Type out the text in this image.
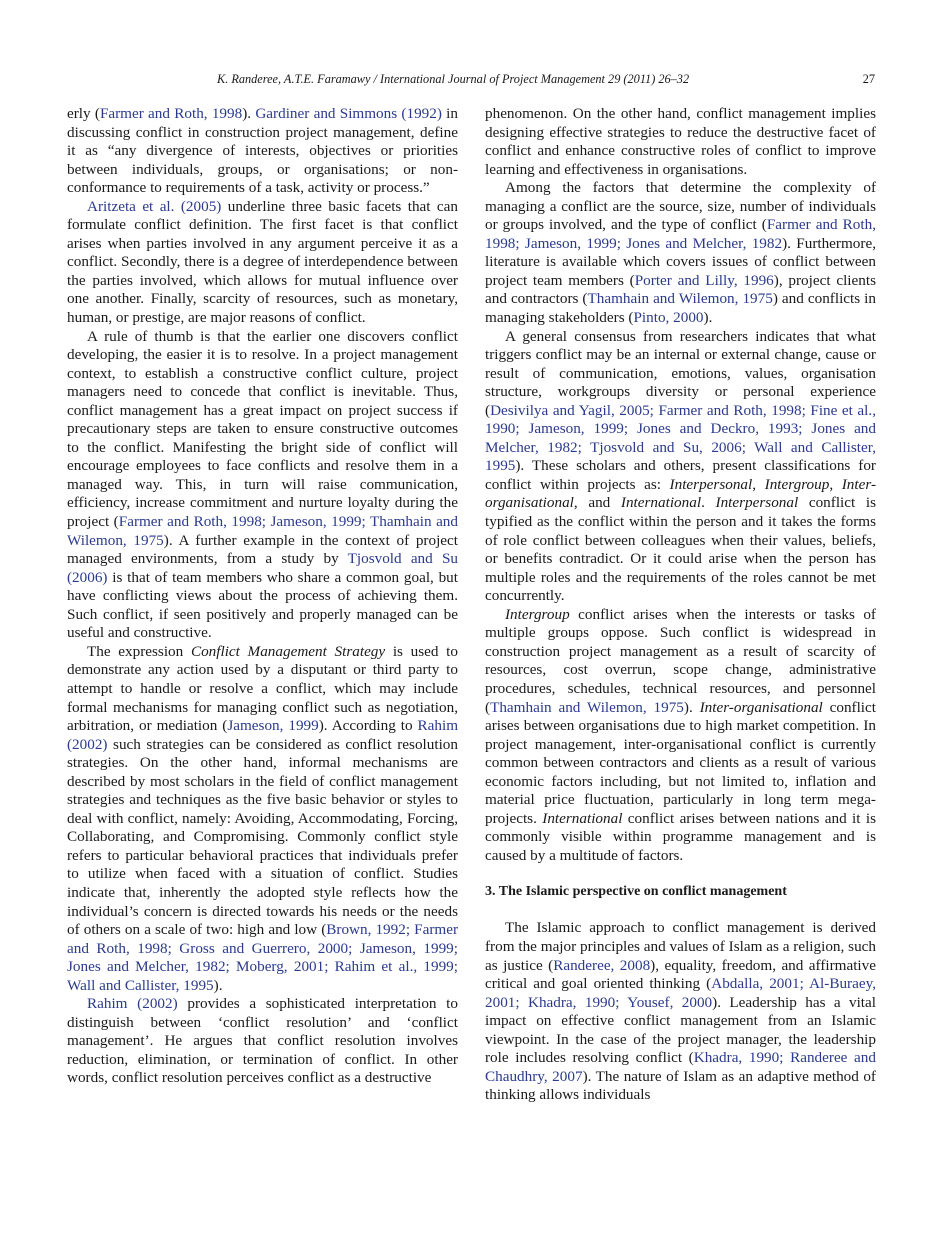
K. Randeree, A.T.E. Faramawy / International Journal of Project Management 29 (2011) 26–32	27

erly (Farmer and Roth, 1998). Gardiner and Simmons (1992) in discussing conflict in construction project management, define it as “any divergence of interests, objectives or priorities between individuals, groups, or organisations; or non-conformance to requirements of a task, activity or process.”

Aritzeta et al. (2005) underline three basic facets that can formulate conflict definition. The first facet is that conflict arises when parties involved in any argument perceive it as a conflict. Secondly, there is a degree of interdependence between the parties involved, which allows for mutual influence over one another. Finally, scarcity of resources, such as monetary, human, or prestige, are major reasons of conflict.

A rule of thumb is that the earlier one discovers conflict developing, the easier it is to resolve. In a project management context, to establish a constructive conflict culture, project managers need to concede that conflict is inevitable. Thus, conflict management has a great impact on project success if precautionary steps are taken to ensure constructive outcomes to the conflict. Manifesting the bright side of conflict will encourage employees to face conflicts and resolve them in a managed way. This, in turn will raise communication, efficiency, increase commitment and nurture loyalty during the project (Farmer and Roth, 1998; Jameson, 1999; Thamhain and Wilemon, 1975). A further example in the context of project managed environments, from a study by Tjosvold and Su (2006) is that of team members who share a common goal, but have conflicting views about the process of achieving them. Such conflict, if seen positively and properly managed can be useful and constructive.

The expression Conflict Management Strategy is used to demonstrate any action used by a disputant or third party to attempt to handle or resolve a conflict, which may include formal mechanisms for managing conflict such as negotiation, arbitration, or mediation (Jameson, 1999). According to Rahim (2002) such strategies can be considered as conflict resolution strategies. On the other hand, informal mechanisms are described by most scholars in the field of conflict management strategies and techniques as the five basic behavior or styles to deal with conflict, namely: Avoiding, Accommodating, Forcing, Collaborating, and Compromising. Commonly conflict style refers to particular behavioral practices that individuals prefer to utilize when faced with a situation of conflict. Studies indicate that, inherently the adopted style reflects how the individual’s concern is directed towards his needs or the needs of others on a scale of two: high and low (Brown, 1992; Farmer and Roth, 1998; Gross and Guerrero, 2000; Jameson, 1999; Jones and Melcher, 1982; Moberg, 2001; Rahim et al., 1999; Wall and Callister, 1995).

Rahim (2002) provides a sophisticated interpretation to distinguish between ‘conflict resolution’ and ‘conflict management’. He argues that conflict resolution involves reduction, elimination, or termination of conflict. In other words, conflict resolution perceives conflict as a destructive

phenomenon. On the other hand, conflict management implies designing effective strategies to reduce the destructive facet of conflict and enhance constructive roles of conflict to improve learning and effectiveness in organisations.

Among the factors that determine the complexity of managing a conflict are the source, size, number of individuals or groups involved, and the type of conflict (Farmer and Roth, 1998; Jameson, 1999; Jones and Melcher, 1982). Furthermore, literature is available which covers issues of conflict between project team members (Porter and Lilly, 1996), project clients and contractors (Thamhain and Wilemon, 1975) and conflicts in managing stakeholders (Pinto, 2000).

A general consensus from researchers indicates that what triggers conflict may be an internal or external change, cause or result of communication, emotions, values, organisation structure, workgroups diversity or personal experience (Desivilya and Yagil, 2005; Farmer and Roth, 1998; Fine et al., 1990; Jameson, 1999; Jones and Deckro, 1993; Jones and Melcher, 1982; Tjosvold and Su, 2006; Wall and Callister, 1995). These scholars and others, present classifications for conflict within projects as: Interpersonal, Intergroup, Inter-organisational, and International. Interpersonal conflict is typified as the conflict within the person and it takes the forms of role conflict between colleagues when their values, beliefs, or benefits contradict. Or it could arise when the person has multiple roles and the requirements of the roles cannot be met concurrently.

Intergroup conflict arises when the interests or tasks of multiple groups oppose. Such conflict is widespread in construction project management as a result of scarcity of resources, cost overrun, scope change, administrative procedures, schedules, technical resources, and personnel (Thamhain and Wilemon, 1975). Inter-organisational conflict arises between organisations due to high market competition. In project management, inter-organisational conflict is currently common between contractors and clients as a result of various economic factors including, but not limited to, inflation and material price fluctuation, particularly in long term mega-projects. International conflict arises between nations and it is commonly visible within programme management and is caused by a multitude of factors.

3. The Islamic perspective on conflict management

The Islamic approach to conflict management is derived from the major principles and values of Islam as a religion, such as justice (Randeree, 2008), equality, freedom, and affirmative critical and goal oriented thinking (Abdalla, 2001; Al-Buraey, 2001; Khadra, 1990; Yousef, 2000). Leadership has a vital impact on effective conflict management from an Islamic viewpoint. In the case of the project manager, the leadership role includes resolving conflict (Khadra, 1990; Randeree and Chaudhry, 2007). The nature of Islam as an adaptive method of thinking allows individuals
